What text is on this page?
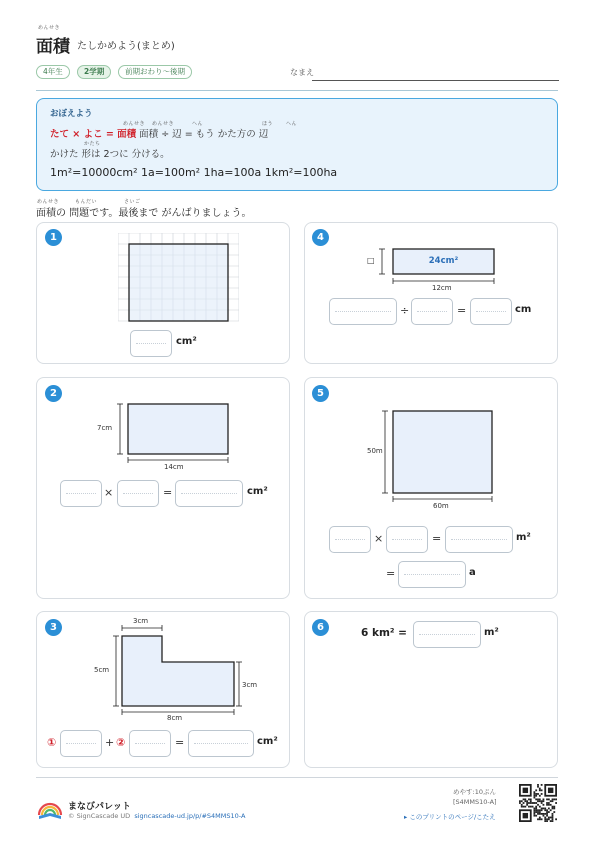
めんせき
面積 たしかめよう(まとめ)
4年生	2学期	前期おわり〜後期	なまえ
おぼえよう
めんせき めんせき	へん	ほう	へん
たて × よこ = 面積 面積 ÷ 辺 = もう かた方の 辺
かたち
かけた 形は 2つに 分ける。
1m²=10000cm² 1a=100m² 1ha=100a 1km²=100ha
めんせき	もんだい	さいご
面積の 問題です。最後まで がんばりましょう。
1
cm²
2
7cm
14cm
×	=	cm²
3
3cm
5cm
3cm
8cm
①	+ ②	=	cm²
4
□	24cm²
12cm
÷	=	cm
5
50m
60m
×	=	m²
=	a
6	6 km² =	m²
まなびパレット
© SignCascade UD signcascade-ud.jp/p/#S4MMS10-A
めやす:10ぷん
[S4MMS10-A]
▸ このプリントのページ/こたえ
